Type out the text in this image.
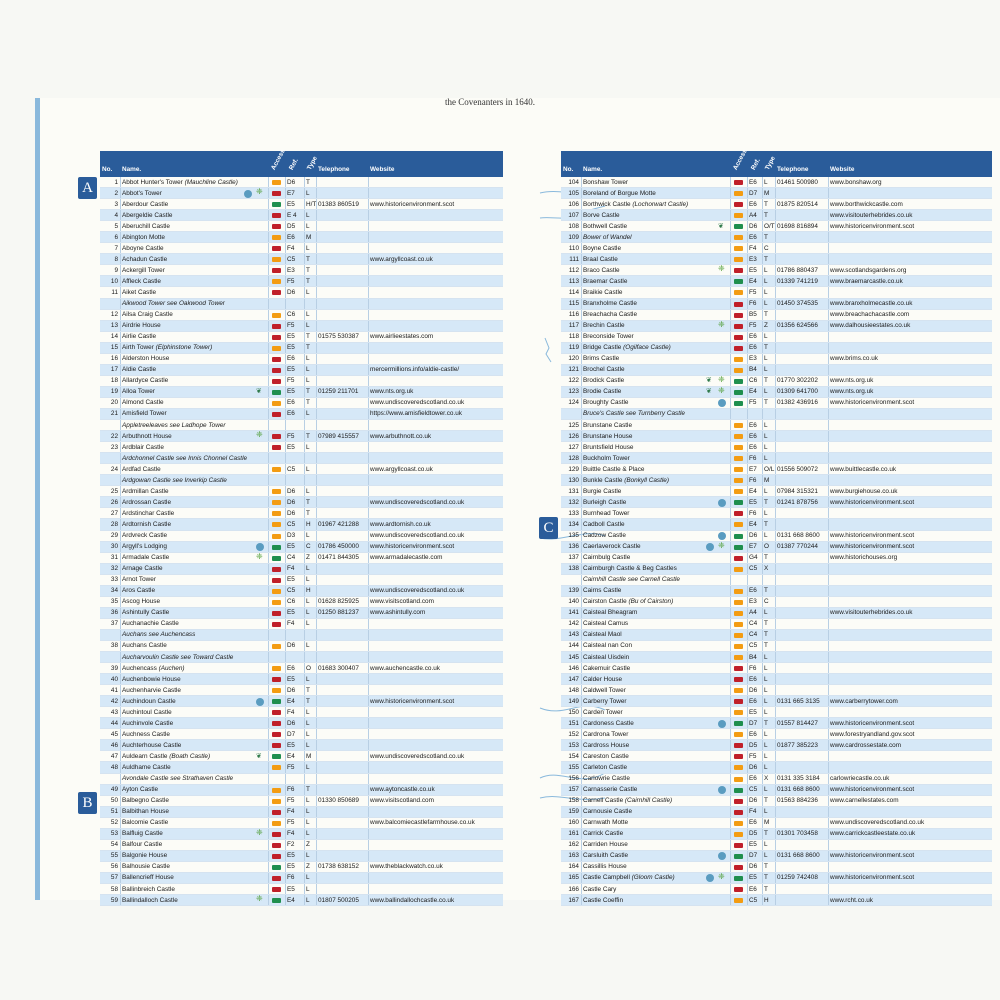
the Covenanters in 1640.
A
B
C
No. Name.	Access Ref. Type Telephone	Website
1 Abbot Hunter's Tower (Mauchline Castle)	D6 T
2 Abbot's Tower	❈	E7 L
3 Aberdour Castle	E5 H/T 01383 860519 www.historicenvironment.scot
4 Abergeldie Castle	E 4 L
5 Aberuchill Castle	D5 L
6 Abington Motte	E6 M
7 Aboyne Castle	F4 L
8 Achadun Castle	C5 T	www.argyllcoast.co.uk
9 Ackergill Tower	E3 T
10 Affleck Castle	F5 T
11 Aiket Castle	D6 L
Aikwood Tower see Oakwood Tower
12 Ailsa Craig Castle	C6 L
13 Airdrie House	F5 L
14 Airlie Castle	E5 T 01575 530387 www.airlieestates.com
15 Airth Tower (Elphinstone Tower)	E5 T
16 Alderston House	E6 L
17 Aldie Castle	E5 L	mercermillions.info/aldie-castle/
18 Allardyce Castle	F5 L
19 Alloa Tower	❦	E5 T 01259 211701 www.nts.org.uk
20 Almond Castle	E6 T	www.undiscoveredscotland.co.uk
21 Amisfield Tower	E6 L	https://www.amisfieldtower.co.uk
Appletreeleaves see Ladhope Tower
22 Arbuthnott House	❈	F5 T 07989 415557 www.arbuthnott.co.uk
23 Ardblair Castle	E5 L
Ardchonnel Castle see Innis Chonnel Castle
24 Ardfad Castle	C5 L	www.argyllcoast.co.uk
Ardgowan Castle see Inverkip Castle
25 Ardmillan Castle	D6 L
26 Ardrossan Castle	D6 T	www.undiscoveredscotland.co.uk
27 Ardstinchar Castle	D6 T
28 Ardtornish Castle	C5 H 01967 421288 www.ardtornish.co.uk
29 Ardvreck Castle	D3 L	www.undiscoveredscotland.co.uk
30 Argyll's Lodging	E5 C 01786 450000 www.historicenvironment.scot
31 Armadale Castle	❈	C4 Z 01471 844305 www.armadalecastle.com
32 Arnage Castle	F4 L
33 Arnot Tower	E5 L
34 Aros Castle	C5 H	www.undiscoveredscotland.co.uk
35 Ascog House	C6 L 01628 825925 www.visitscotland.com
36 Ashintully Castle	E5 L 01250 881237 www.ashintully.com
37 Auchanachie Castle	F4 L
Auchans see Auchencass
38 Auchans Castle	D6 L
Aucharvoulin Castle see Toward Castle
39 Auchencass (Auchen)	E6 O 01683 300407 www.auchencastle.co.uk
40 Auchenbowie House	E5 L
41 Auchenharvie Castle	D6 T
42 Auchindoun Castle	E4 T	www.historicenvironment.scot
43 Auchintoul Castle	F4 L
44 Auchinvole Castle	D6 L
45 Auchness Castle	D7 L
46 Auchterhouse Castle	E5 L
47 Auldearn Castle (Boath Castle)	❦	E4 M	www.undiscoveredscotland.co.uk
48 Auldhame Castle	F5 L
Avondale Castle see Strathaven Castle
49 Ayton Castle	F6 T	www.aytoncastle.co.uk
50 Balbegno Castle	F5 L 01330 850689 www.visitscotland.com
51 Balbithan House	F4 L
52 Balcomie Castle	F5 L	www.balcomiecastlefarmhouse.co.uk
53 Balfluig Castle	❈	F4 L
54 Balfour Castle	F2 Z
55 Balgonie House	E5 L
56 Balhousie Castle	E5 Z 01738 638152 www.theblackwatch.co.uk
57 Ballencrieff House	F6 L
58 Ballinbreich Castle	E5 L
59 Ballindalloch Castle	❈	E4 L 01807 500205 www.ballindallochcastle.co.uk
No. Name.	Access Ref. Type Telephone	Website
104 Bonshaw Tower	E6 L 01461 500980 www.bonshaw.org
105 Boreland of Borgue Motte	D7 M
106 Borthwick Castle (Lochorwart Castle)	E6 T 01875 820514 www.borthwickcastle.com
107 Borve Castle	A4 T	www.visitouterhebrides.co.uk
108 Bothwell Castle	❦	D6 O/T 01698 816894 www.historicenvironment.scot
109 Bower of Wandel	E6 T
110 Boyne Castle	F4 C
111 Braal Castle	E3 T
112 Braco Castle	❈	E5 L 01786 880437 www.scotlandsgardens.org
113 Braemar Castle	E4 L 01339 741219 www.braemarcastle.co.uk
114 Braikie Castle	F5 L
115 Branxholme Castle	F6 L 01450 374535 www.branxholmecastle.co.uk
116 Breachacha Castle	B5 T	www.breachachacastle.com
117 Brechin Castle	❈	F5 Z 01356 624566 www.dalhousieestates.co.uk
118 Breconside Tower	E6 L
119 Bridge Castle (Ogilface Castle)	E6 T
120 Brims Castle	E3 L	www.brims.co.uk
121 Brochel Castle	B4 L
122 Brodick Castle	❦ ❈	C6 T 01770 302202 www.nts.org.uk
123 Brodie Castle	❦ ❈	E4 L 01309 641700 www.nts.org.uk
124 Broughty Castle	F5 T 01382 436916 www.historicenvironment.scot
Bruce's Castle see Turnberry Castle
125 Brunstane Castle	E6 L
126 Brunstane House	E6 L
127 Bruntsfield House	E6 L
128 Buckholm Tower	F6 L
129 Buittle Castle & Place	E7 O/L 01556 509072 www.buittlecastle.co.uk
130 Bunkle Castle (Bonkyll Castle)	F6 M
131 Burgie Castle	E4 L 07984 315321 www.burgiehouse.co.uk
132 Burleigh Castle	E5 T 01241 878756 www.historicenvironment.scot
133 Burnhead Tower	F6 L
134 Cadboll Castle	E4 T
135 Cadzow Castle	D6 L 0131 668 8600 www.historicenvironment.scot
136 Caerlaverock Castle	❈	E7 O 01387 770244 www.historicenvironment.scot
137 Cairnbulg Castle	G4 T	www.historichouses.org
138 Cairnburgh Castle & Beg Castles	C5 X
Cairnhill Castle see Carnell Castle
139 Cairns Castle	E6 T
140 Cairston Castle (Bu of Cairston)	E3 C
141 Caisteal Bheagram	A4 L	www.visitouterhebrides.co.uk
142 Caisteal Camus	C4 T
143 Caisteal Maol	C4 T
144 Caisteal nan Con	C5 T
145 Caisteal Uisdein	B4 L
146 Cakemuir Castle	F6 L
147 Calder House	E6 L
148 Caldwell Tower	D6 L
149 Carberry Tower	E6 L 0131 665 3135 www.carberrytower.com
150 Carden Tower	E5 L
151 Cardoness Castle	D7 T 01557 814427 www.historicenvironment.scot
152 Cardrona Tower	E6 L	www.forestryandland.gov.scot
153 Cardross House	D5 L 01877 385223 www.cardrossestate.com
154 Careston Castle	F5 L
155 Carleton Castle	D6 L
156 Carlowrie Castle	E6 X 0131 335 3184 carlowriecastle.co.uk
157 Carnasserie Castle	C5 L 0131 668 8600 www.historicenvironment.scot
158 Carnell Castle (Cairnhill Castle)	D6 T 01563 884236 www.carnellestates.com
159 Carnousie Castle	F4 L
160 Carnwath Motte	E6 M	www.undiscoveredscotland.co.uk
161 Carrick Castle	D5 T 01301 703458 www.carrickcastleestate.co.uk
162 Carriden House	E5 L
163 Carsluith Castle	D7 L 0131 668 8600 www.historicenvironment.scot
164 Cassillis House	D6 T
165 Castle Campbell (Gloom Castle)	❈	E5 T 01259 742408 www.historicenvironment.scot
166 Castle Cary	E6 T
167 Castle Coeffin	C5 H	www.rcht.co.uk
